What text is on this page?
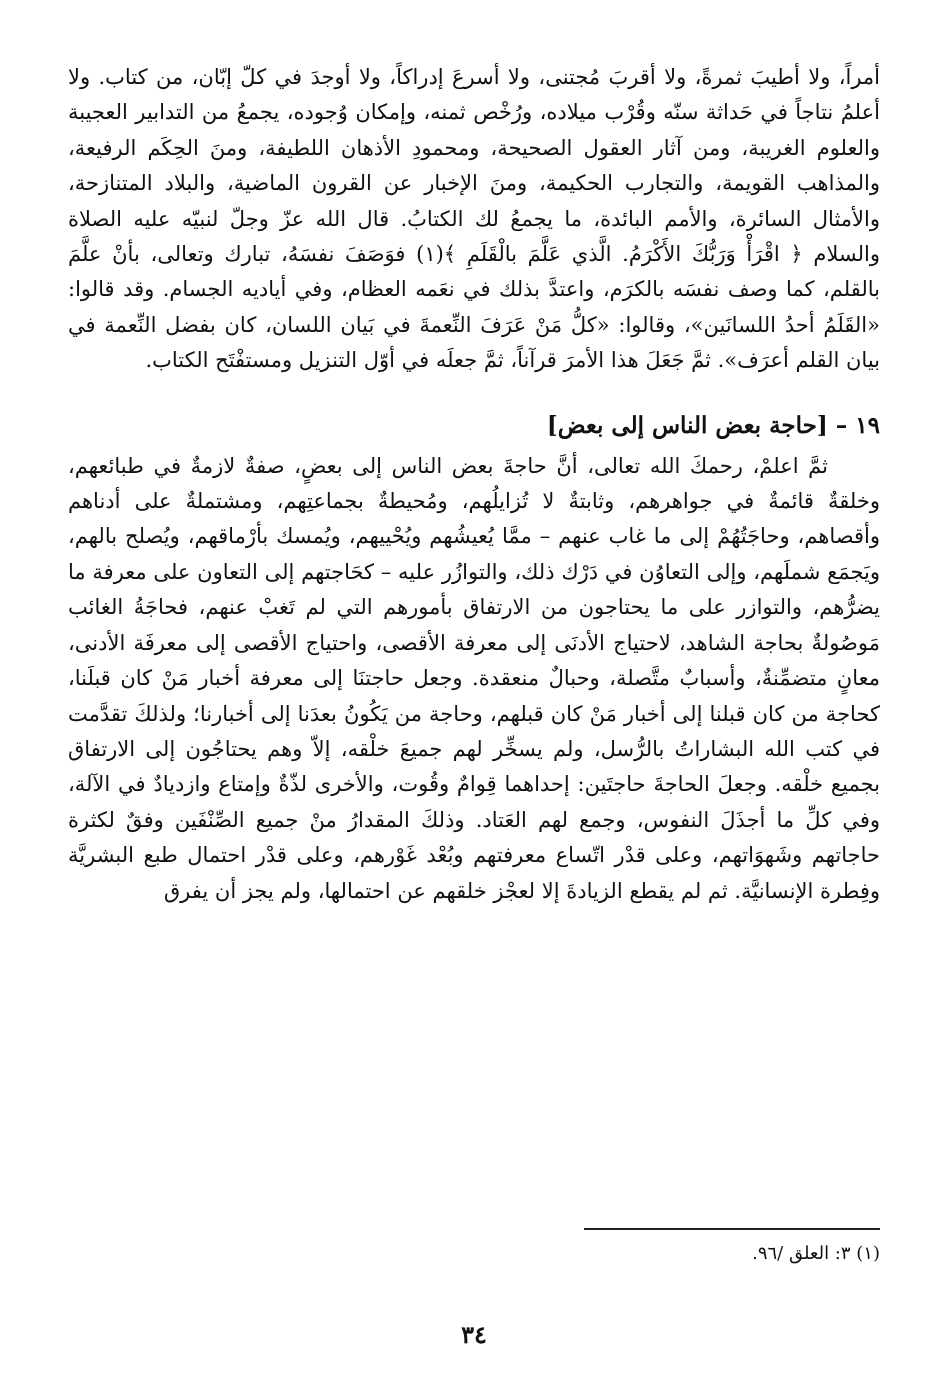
أمراً، ولا أطيبَ ثمرةً، ولا أقربَ مُجتنى، ولا أسرعَ إدراكاً، ولا أوجدَ في كلّ إبّان، من كتاب. ولا أعلمُ نتاجاً في حَداثة سنّه وقُرْب ميلاده، ورُخْص ثمنه، وإمكان وُجوده، يجمعُ من التدابير العجيبة والعلوم الغريبة، ومن آثار العقول الصحيحة، ومحمودِ الأذهان اللطيفة، ومنَ الحِكَم الرفيعة، والمذاهب القويمة، والتجارب الحكيمة، ومنَ الإخبار عن القرون الماضية، والبلاد المتنازحة، والأمثال السائرة، والأمم البائدة، ما يجمعُ لك الكتابُ. قال الله عزّ وجلّ لنبيّه عليه الصلاة والسلام ﴿ اقْرَأْ وَرَبُّكَ الأَكْرَمُ. الَّذي عَلَّمَ بالْقَلَمِ ﴾(١) فوَصَفَ نفسَهُ، تبارك وتعالى، بأنْ علَّمَ بالقلم، كما وصف نفسَه بالكرَم، واعتدَّ بذلك في نعَمه العظام، وفي أياديه الجسام. وقد قالوا: «القَلَمُ أحدُ اللسانَين»، وقالوا: «كلُّ مَنْ عَرَفَ النِّعمةَ في بَيان اللسان، كان بفضل النِّعمة في بيان القلم أعرَف». ثمَّ جَعَلَ هذا الأمرَ قرآناً، ثمَّ جعلَه في أوّل التنزيل ومستفْتَح الكتاب.

١٩ – [حاجة بعض الناس إلى بعض]

ثمَّ اعلمْ، رحمكَ الله تعالى، أنَّ حاجةَ بعض الناس إلى بعضٍ، صفةٌ لازمةٌ في طبائعهم، وخلقةٌ قائمةٌ في جواهرهم، وثابتةٌ لا تُزايلُهم، ومُحيطةٌ بجماعتِهم، ومشتملةٌ على أدناهم وأقصاهم، وحاجَتُهُمْ إلى ما غاب عنهم – ممَّا يُعيشُهم ويُحْييهم، ويُمسك بأرْماقهم، ويُصلح بالهم، ويَجمَع شملَهم، وإلى التعاوُن في دَرْك ذلك، والتوازُر عليه – كحَاجتهم إلى التعاون على معرفة ما يضرُّهم، والتوازر على ما يحتاجون من الارتفاق بأمورهم التي لم تَغبْ عنهم، فحاجَةُ الغائب مَوصُولةٌ بحاجة الشاهد، لاحتياج الأدنَى إلى معرفة الأقصى، واحتياج الأقصى إلى معرفَة الأدنى، معانٍ متضمِّنةٌ، وأسبابٌ متَّصلة، وحبالٌ منعقدة. وجعل حاجتنَا إلى معرفة أخبار مَنْ كان قبلَنا، كحاجة من كان قبلنا إلى أخبار مَنْ كان قبلهم، وحاجة من يَكُونُ بعدَنا إلى أخبارنا؛ ولذلكَ تقدَّمت في كتب الله البشاراتُ بالرُّسل، ولم يسخِّر لهم جميعَ خلْقه، إلاّ وهم يحتاجُون إلى الارتفاق بجميع خلْقه. وجعلَ الحاجةَ حاجتَين: إحداهما قِوامٌ وقُوت، والأخرى لذّةٌ وإمتاع وازديادٌ في الآلة، وفي كلِّ ما أجذَلَ النفوس، وجمع لهم العَتاد. وذلكَ المقدارُ منْ جميع الصِّنْفَين وفقٌ لكثرة حاجاتهم وشَهوَاتهم، وعلى قدْر اتّساع معرفتهم وبُعْد غَوْرهم، وعلى قدْر احتمال طبع البشريَّة وفِطرة الإنسانيَّة. ثم لم يقطع الزيادةَ إلا لعجْز خلقهم عن احتمالها، ولم يجز أن يفرق

(١) ٣: العلق /٩٦.
٣٤
